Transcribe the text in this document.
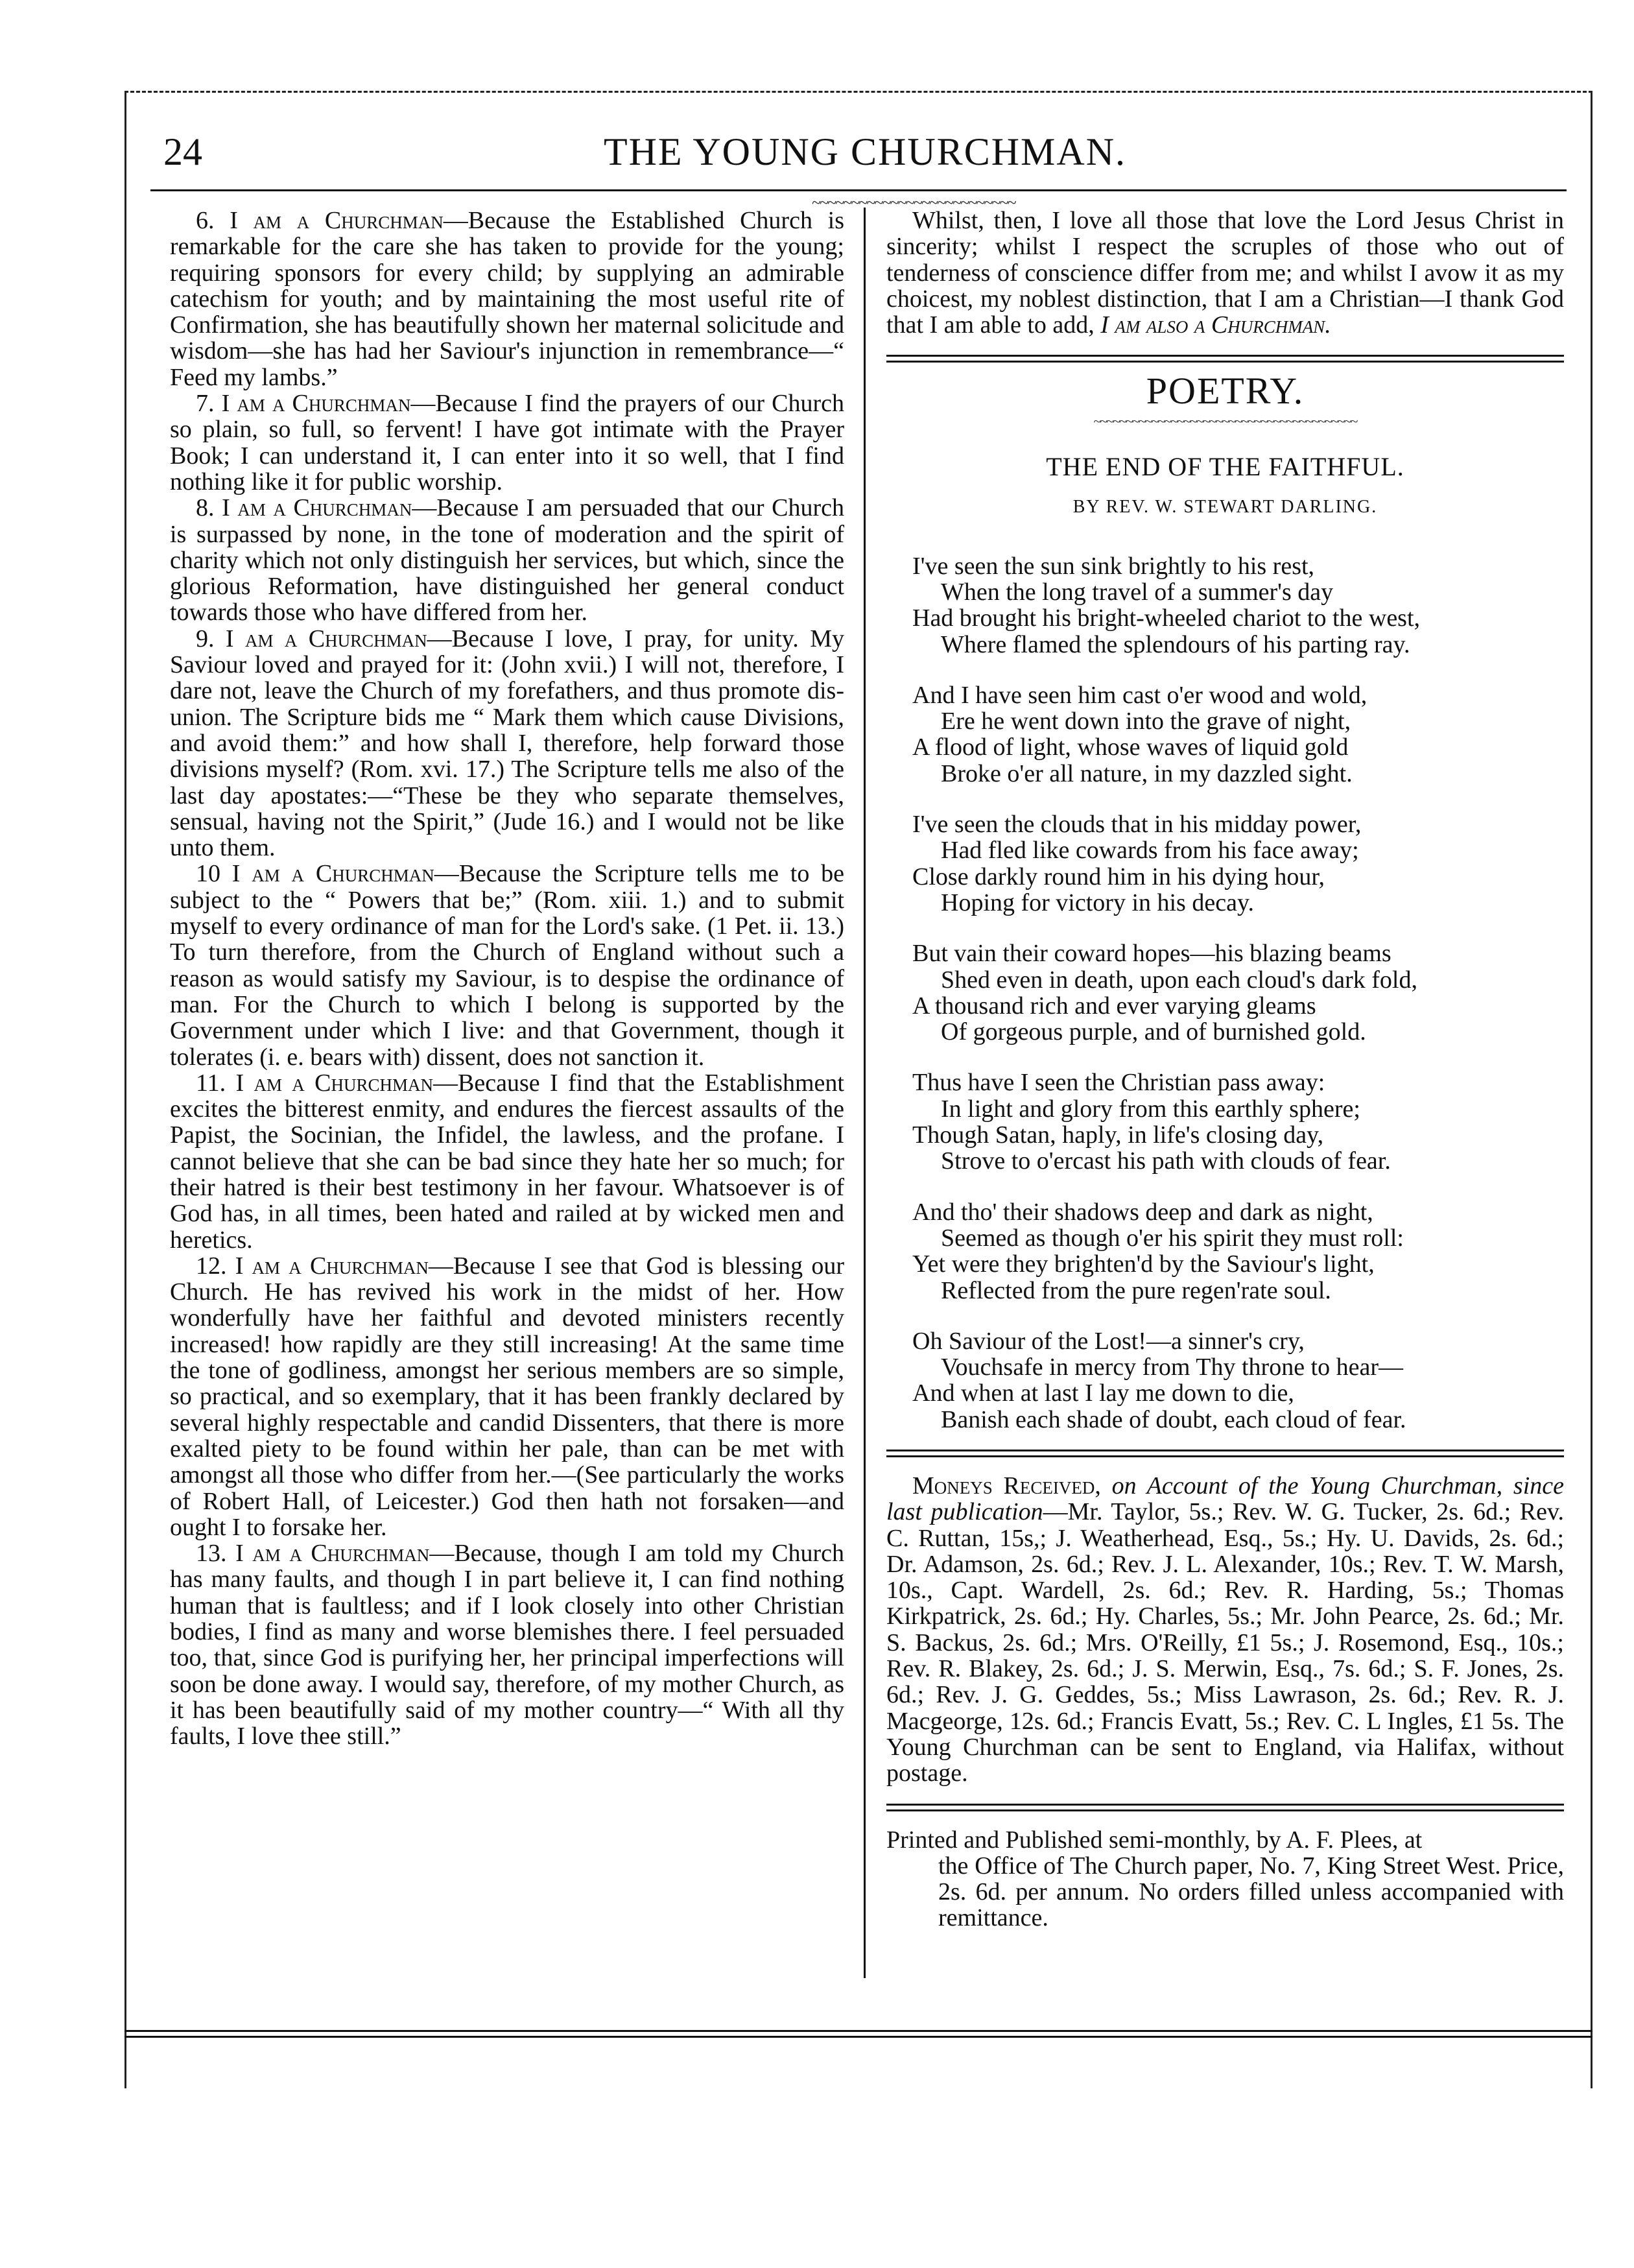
24	THE YOUNG CHURCHMAN.
~~~~~~~~~~~~~~~~~~~~~~~~~~

6. I am a Churchman—Because the Established Church is remarkable for the care she has taken to provide for the young; requiring sponsors for every child; by supplying an admirable catechism for youth; and by maintaining the most useful rite of Confirmation, she has beautifully shown her maternal solicitude and wisdom—she has had her Saviour's injunction in remembrance—“ Feed my lambs.”

7. I am a Churchman—Because I find the prayers of our Church so plain, so full, so fervent! I have got intimate with the Prayer Book; I can understand it, I can enter into it so well, that I find nothing like it for public worship.

8. I am a Churchman—Because I am persuaded that our Church is surpassed by none, in the tone of moderation and the spirit of charity which not only distinguish her services, but which, since the glorious Reformation, have distinguished her general conduct towards those who have differed from her.

9. I am a Churchman—Because I love, I pray, for unity. My Saviour loved and prayed for it: (John xvii.) I will not, therefore, I dare not, leave the Church of my forefathers, and thus promote dis-union. The Scripture bids me “ Mark them which cause Divisions, and avoid them:” and how shall I, therefore, help forward those divisions myself? (Rom. xvi. 17.) The Scripture tells me also of the last day apostates:—“These be they who separate themselves, sensual, having not the Spirit,” (Jude 16.) and I would not be like unto them.

10 I am a Churchman—Because the Scripture tells me to be subject to the “ Powers that be;” (Rom. xiii. 1.) and to submit myself to every ordinance of man for the Lord's sake. (1 Pet. ii. 13.) To turn therefore, from the Church of England without such a reason as would satisfy my Saviour, is to despise the ordinance of man. For the Church to which I belong is supported by the Government under which I live: and that Government, though it tolerates (i. e. bears with) dissent, does not sanction it.

11. I am a Churchman—Because I find that the Establishment excites the bitterest enmity, and endures the fiercest assaults of the Papist, the Socinian, the Infidel, the lawless, and the profane. I cannot believe that she can be bad since they hate her so much; for their hatred is their best testimony in her favour. Whatsoever is of God has, in all times, been hated and railed at by wicked men and heretics.

12. I am a Churchman—Because I see that God is blessing our Church. He has revived his work in the midst of her. How wonderfully have her faithful and devoted ministers recently increased! how rapidly are they still increasing! At the same time the tone of godliness, amongst her serious members are so simple, so practical, and so exemplary, that it has been frankly declared by several highly respectable and candid Dissenters, that there is more exalted piety to be found within her pale, than can be met with amongst all those who differ from her.—(See particularly the works of Robert Hall, of Leicester.) God then hath not forsaken—and ought I to forsake her.

13. I am a Churchman—Because, though I am told my Church has many faults, and though I in part believe it, I can find nothing human that is faultless; and if I look closely into other Christian bodies, I find as many and worse blemishes there. I feel persuaded too, that, since God is purifying her, her principal imperfections will soon be done away. I would say, therefore, of my mother Church, as it has been beautifully said of my mother country—“ With all thy faults, I love thee still.”

Whilst, then, I love all those that love the Lord Jesus Christ in sincerity; whilst I respect the scruples of those who out of tenderness of conscience differ from me; and whilst I avow it as my choicest, my noblest distinction, that I am a Christian—I thank God that I am able to add, I am also a Churchman.

POETRY.
~~~~~~~~~~~~~~~~~~~~~~~~~~~~~~~~~~~~~~~~~
THE END OF THE FAITHFUL.
BY REV. W. STEWART DARLING.
I've seen the sun sink brightly to his rest,
When the long travel of a summer's day
Had brought his bright-wheeled chariot to the west,
Where flamed the splendours of his parting ray.
And I have seen him cast o'er wood and wold,
Ere he went down into the grave of night,
A flood of light, whose waves of liquid gold
Broke o'er all nature, in my dazzled sight.
I've seen the clouds that in his midday power,
Had fled like cowards from his face away;
Close darkly round him in his dying hour,
Hoping for victory in his decay.
But vain their coward hopes—his blazing beams
Shed even in death, upon each cloud's dark fold,
A thousand rich and ever varying gleams
Of gorgeous purple, and of burnished gold.
Thus have I seen the Christian pass away:
In light and glory from this earthly sphere;
Though Satan, haply, in life's closing day,
Strove to o'ercast his path with clouds of fear.
And tho' their shadows deep and dark as night,
Seemed as though o'er his spirit they must roll:
Yet were they brighten'd by the Saviour's light,
Reflected from the pure regen'rate soul.
Oh Saviour of the Lost!—a sinner's cry,
Vouchsafe in mercy from Thy throne to hear—
And when at last I lay me down to die,
Banish each shade of doubt, each cloud of fear.

Moneys Received, on Account of the Young Churchman, since last publication—Mr. Taylor, 5s.; Rev. W. G. Tucker, 2s. 6d.; Rev. C. Ruttan, 15s,; J. Weatherhead, Esq., 5s.; Hy. U. Davids, 2s. 6d.; Dr. Adamson, 2s. 6d.; Rev. J. L. Alexander, 10s.; Rev. T. W. Marsh, 10s., Capt. Wardell, 2s. 6d.; Rev. R. Harding, 5s.; Thomas Kirkpatrick, 2s. 6d.; Hy. Charles, 5s.; Mr. John Pearce, 2s. 6d.; Mr. S. Backus, 2s. 6d.; Mrs. O'Reilly, £1 5s.; J. Rosemond, Esq., 10s.; Rev. R. Blakey, 2s. 6d.; J. S. Merwin, Esq., 7s. 6d.; S. F. Jones, 2s. 6d.; Rev. J. G. Geddes, 5s.; Miss Lawrason, 2s. 6d.; Rev. R. J. Macgeorge, 12s. 6d.; Francis Evatt, 5s.; Rev. C. L Ingles, £1 5s. The Young Churchman can be sent to England, via Halifax, without postage.

Printed and Published semi-monthly, by A. F. Plees, at

the Office of The Church paper, No. 7, King Street West. Price, 2s. 6d. per annum. No orders filled unless accompanied with remittance.
